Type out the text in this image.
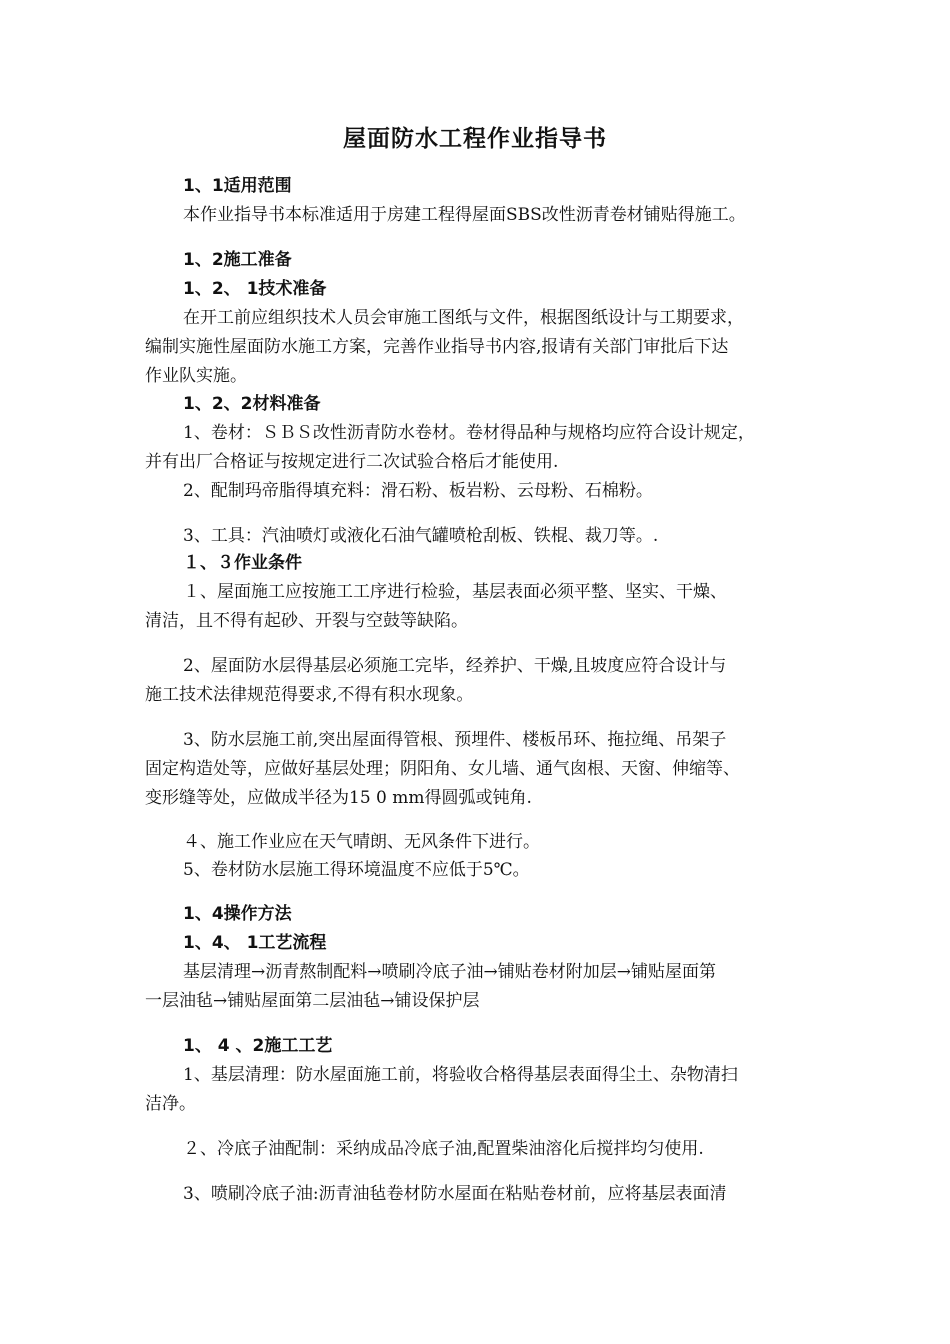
屋面防水工程作业指导书
1、1适用范围
本作业指导书本标准适用于房建工程得屋面SBS改性沥青卷材铺贴得施工。
1、2施工准备
1、2、 1技术准备
在开工前应组织技术人员会审施工图纸与文件，根据图纸设计与工期要求，
编制实施性屋面防水施工方案，完善作业指导书内容,报请有关部门审批后下达
作业队实施。
1、2、2材料准备
1、卷材：ＳＢＳ改性沥青防水卷材。卷材得品种与规格均应符合设计规定，
并有出厂合格证与按规定进行二次试验合格后才能使用.
2、配制玛帝脂得填充料：滑石粉、板岩粉、云母粉、石棉粉。
3、工具：汽油喷灯或液化石油气罐喷枪刮板、铁棍、裁刀等。.
１、３作业条件
１、屋面施工应按施工工序进行检验，基层表面必须平整、坚实、干燥、
清洁，且不得有起砂、开裂与空鼓等缺陷。
2、屋面防水层得基层必须施工完毕，经养护、干燥,且坡度应符合设计与
施工技术法律规范得要求,不得有积水现象。
3、防水层施工前,突出屋面得管根、预埋件、楼板吊环、拖拉绳、吊架子
固定构造处等，应做好基层处理；阴阳角、女儿墙、通气囱根、天窗、伸缩等、
变形缝等处，应做成半径为15 0 mm得圆弧或钝角.
４、施工作业应在天气晴朗、无风条件下进行。
5、卷材防水层施工得环境温度不应低于5℃。
1、4操作方法
1、4、 1工艺流程
基层清理→沥青熬制配料→喷刷冷底子油→铺贴卷材附加层→铺贴屋面第
一层油毡→铺贴屋面第二层油毡→铺设保护层
1、 4 、2施工工艺
1、基层清理：防水屋面施工前，将验收合格得基层表面得尘土、杂物清扫
洁净。
２、冷底子油配制：采纳成品冷底子油,配置柴油溶化后搅拌均匀使用.
3、喷刷冷底子油:沥青油毡卷材防水屋面在粘贴卷材前，应将基层表面清
